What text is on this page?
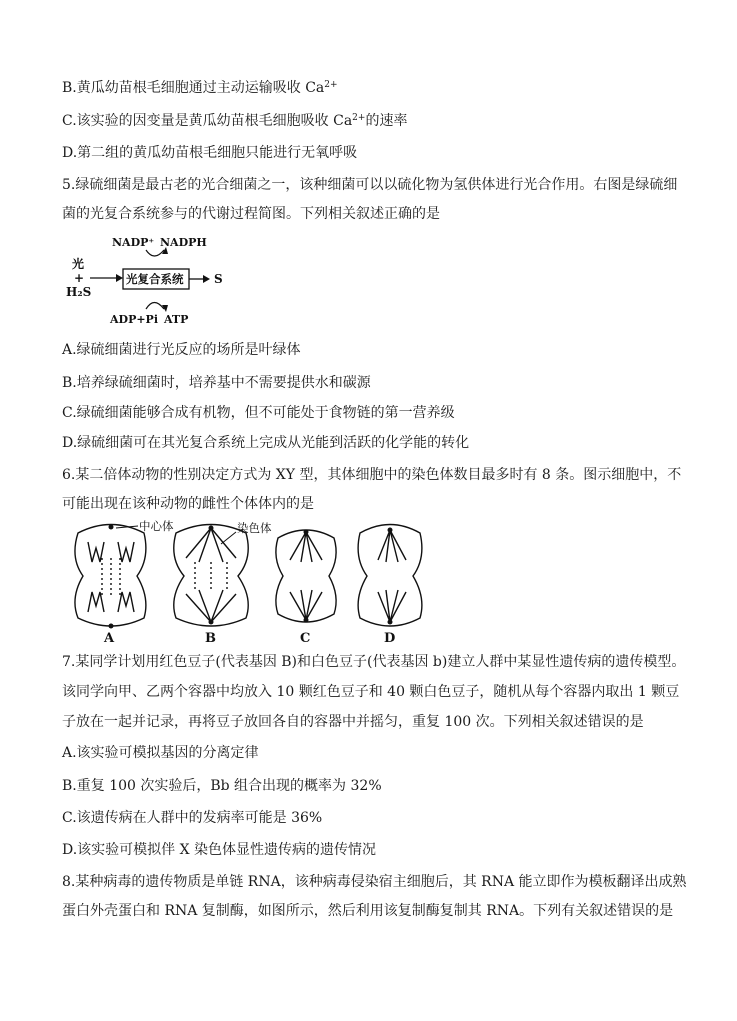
B.黄瓜幼苗根毛细胞通过主动运输吸收 $Ca^{2+}$
C.该实验的因变量是黄瓜幼苗根毛细胞吸收 $Ca^{2+}$的速率
D.第二组的黄瓜幼苗根毛细胞只能进行无氧呼吸
5.绿硫细菌是最古老的光合细菌之一，该种细菌可以以硫化物为氢供体进行光合作用。右图是绿硫细
菌的光复合系统参与的代谢过程简图。下列相关叙述正确的是
光
+
H₂S
光复合系统	S
NADP⁺ NADPH
ADP+Pi ATP
A.绿硫细菌进行光反应的场所是叶绿体
B.培养绿硫细菌时，培养基中不需要提供水和碳源
C.绿硫细菌能够合成有机物，但不可能处于食物链的第一营养级
D.绿硫细菌可在其光复合系统上完成从光能到活跃的化学能的转化
6.某二倍体动物的性别决定方式为 XY 型，其体细胞中的染色体数目最多时有 8 条。图示细胞中，不
可能出现在该种动物的雌性个体体内的是
中心体	染色体
A	B	C	D
7.某同学计划用红色豆子(代表基因 B)和白色豆子(代表基因 b)建立人群中某显性遗传病的遗传模型。
该同学向甲、乙两个容器中均放入 10 颗红色豆子和 40 颗白色豆子，随机从每个容器内取出 1 颗豆
子放在一起并记录，再将豆子放回各自的容器中并摇匀，重复 100 次。下列相关叙述错误的是
A.该实验可模拟基因的分离定律
B.重复 100 次实验后，Bb 组合出现的概率为 32%
C.该遗传病在人群中的发病率可能是 36%
D.该实验可模拟伴 X 染色体显性遗传病的遗传情况
8.某种病毒的遗传物质是单链 RNA，该种病毒侵染宿主细胞后，其 RNA 能立即作为模板翻译出成熟
蛋白外壳蛋白和 RNA 复制酶，如图所示，然后利用该复制酶复制其 RNA。下列有关叙述错误的是
